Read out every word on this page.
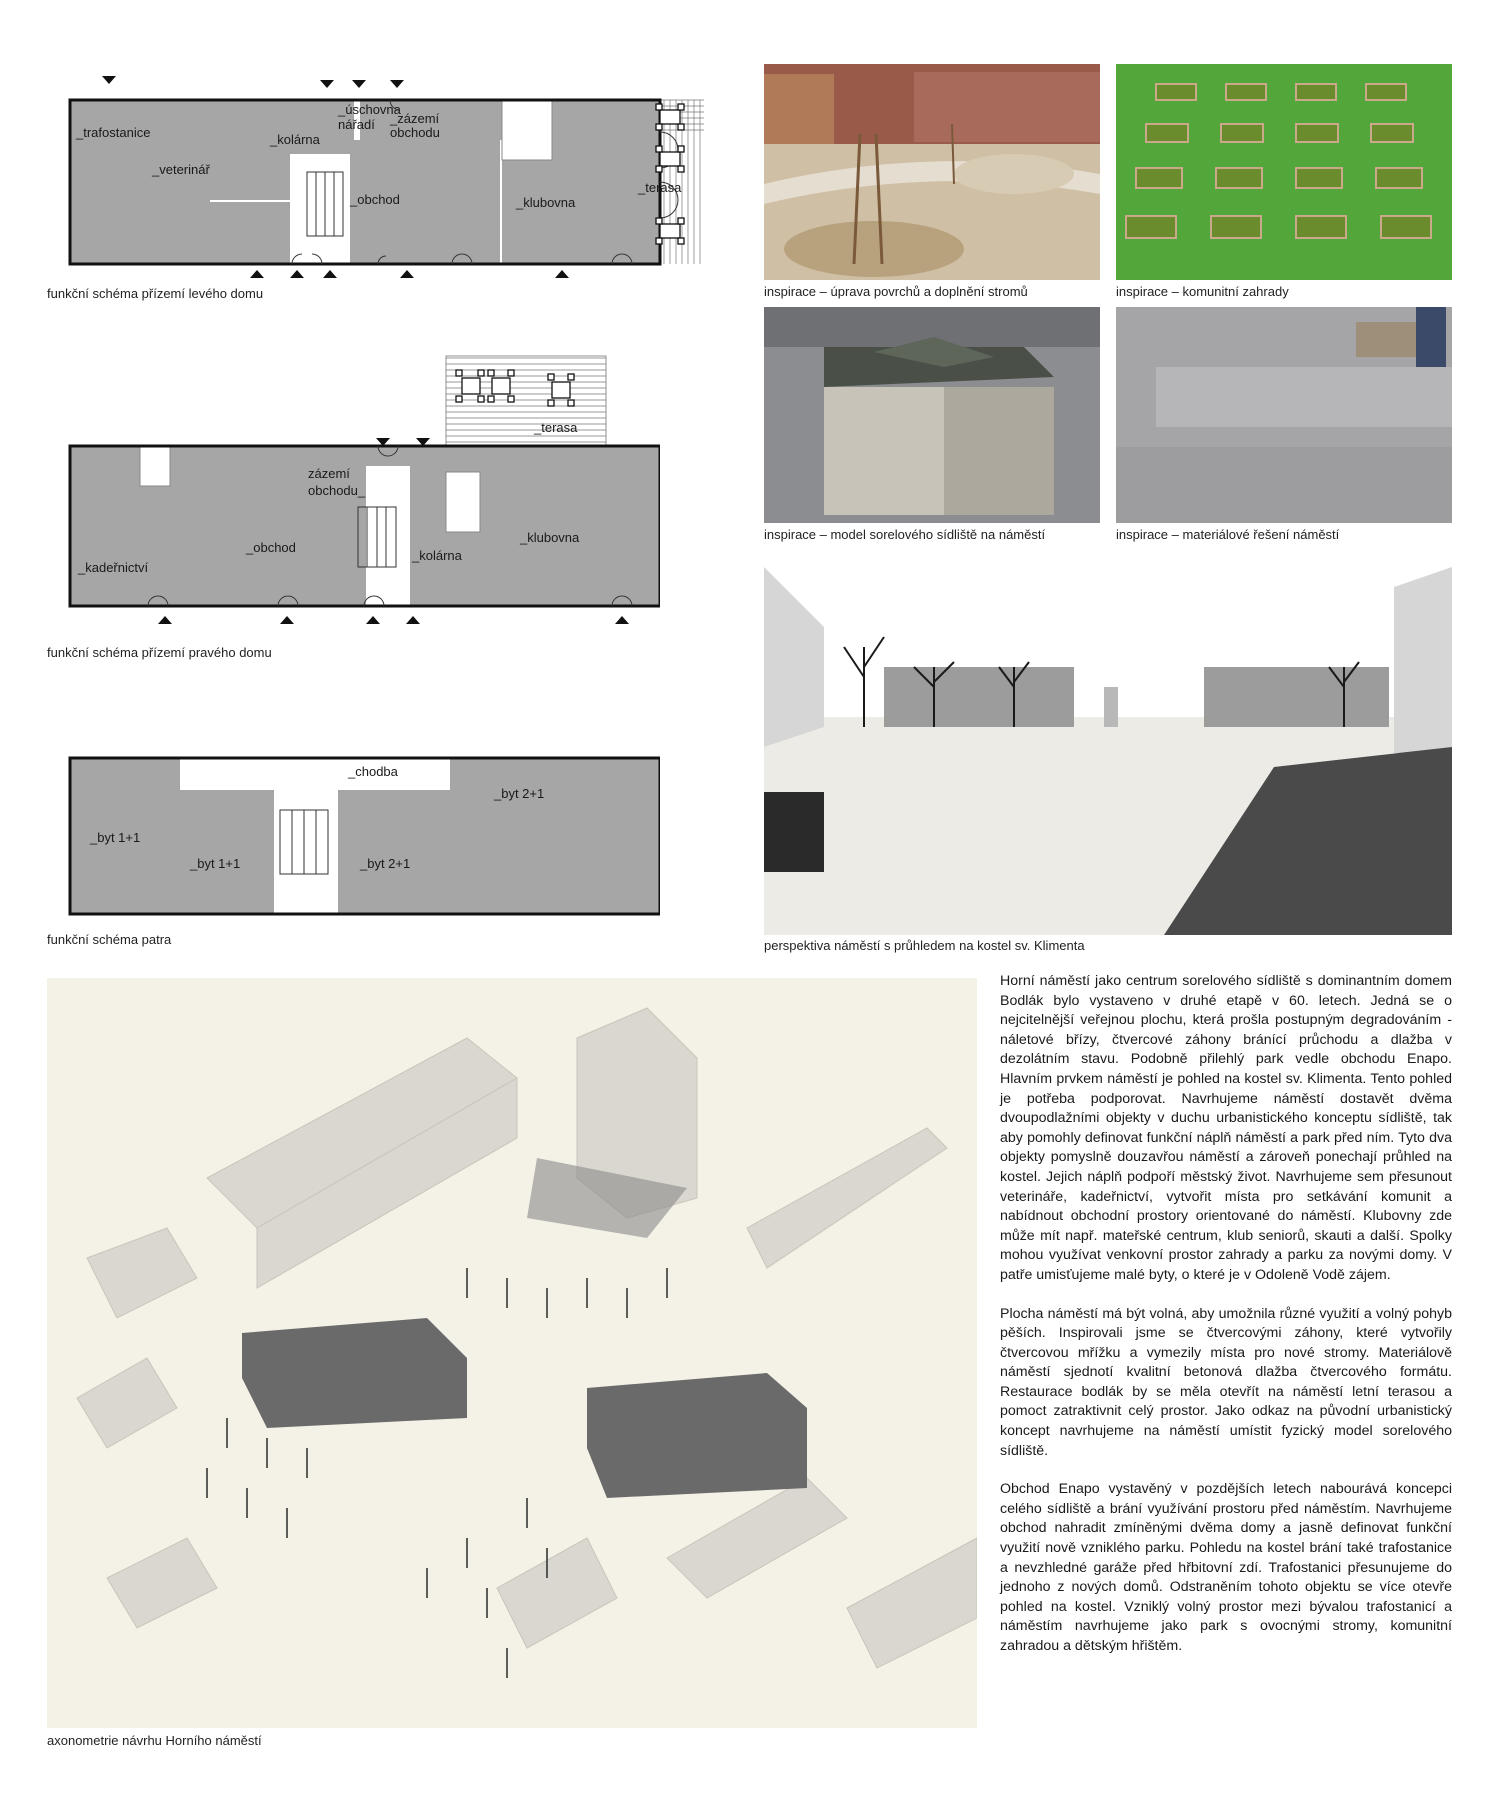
_trafostanice
_veterinář
_kolárna
_úschovna nářadí	_zázemí obchodu
_obchod	_klubovna
_terasa
funkční schéma přízemí levého domu
_kadeřnictví
_obchod
zázemí obchodu_
_kolárna
_klubovna
_terasa
funkční schéma přízemí pravého domu
_chodba
_byt 1+1
_byt 1+1	_byt 2+1
_byt 2+1
funkční schéma patra
inspirace – úprava povrchů a doplnění stromů	inspirace – komunitní zahrady
inspirace – model sorelového sídliště na náměstí	inspirace – materiálové řešení náměstí
perspektiva náměstí s průhledem na kostel sv. Klimenta
axonometrie návrhu Horního náměstí

Horní náměstí jako centrum sorelového sídliště s dominantním domem Bodlák bylo vystaveno v druhé etapě v 60. letech. Jedná se o nejcitelnější veřejnou plochu, která prošla postupným degradováním - náletové břízy, čtvercové záhony bránící průchodu a dlažba v dezolátním stavu. Podobně přilehlý park vedle obchodu Enapo. Hlavním prvkem náměstí je pohled na kostel sv. Klimenta. Tento pohled je potřeba podporovat. Navrhujeme náměstí dostavět dvěma dvoupodlažními objekty v duchu urbanistického konceptu sídliště, tak aby pomohly definovat funkční náplň náměstí a park před ním. Tyto dva objekty pomyslně douzavřou náměstí a zároveň ponechají průhled na kostel. Jejich náplň podpoří městský život. Navrhujeme sem přesunout veterináře, kadeřnictví, vytvořit místa pro setkávání komunit a nabídnout obchodní prostory orientované do náměstí. Klubovny zde může mít např. mateřské centrum, klub seniorů, skauti a další. Spolky mohou využívat venkovní prostor zahrady a parku za novými domy. V patře umisťujeme malé byty, o které je v Odoleně Vodě zájem.

Plocha náměstí má být volná, aby umožnila různé využití a volný pohyb pěších. Inspirovali jsme se čtvercovými záhony, které vytvořily čtvercovou mřížku a vymezily místa pro nové stromy. Materiálově náměstí sjednotí kvalitní betonová dlažba čtvercového formátu. Restaurace bodlák by se měla otevřít na náměstí letní terasou a pomoct zatraktivnit celý prostor. Jako odkaz na původní urbanistický koncept navrhujeme na náměstí umístit fyzický model sorelového sídliště.

Obchod Enapo vystavěný v pozdějších letech nabourává koncepci celého sídliště a brání využívání prostoru před náměstím. Navrhujeme obchod nahradit zmíněnými dvěma domy a jasně definovat funkční využití nově vzniklého parku. Pohledu na kostel brání také trafostanice a nevzhledné garáže před hřbitovní zdí. Trafostanici přesunujeme do jednoho z nových domů. Odstraněním tohoto objektu se více otevře pohled na kostel. Vzniklý volný prostor mezi bývalou trafostanicí a náměstím navrhujeme jako park s ovocnými stromy, komunitní zahradou a dětským hřištěm.
